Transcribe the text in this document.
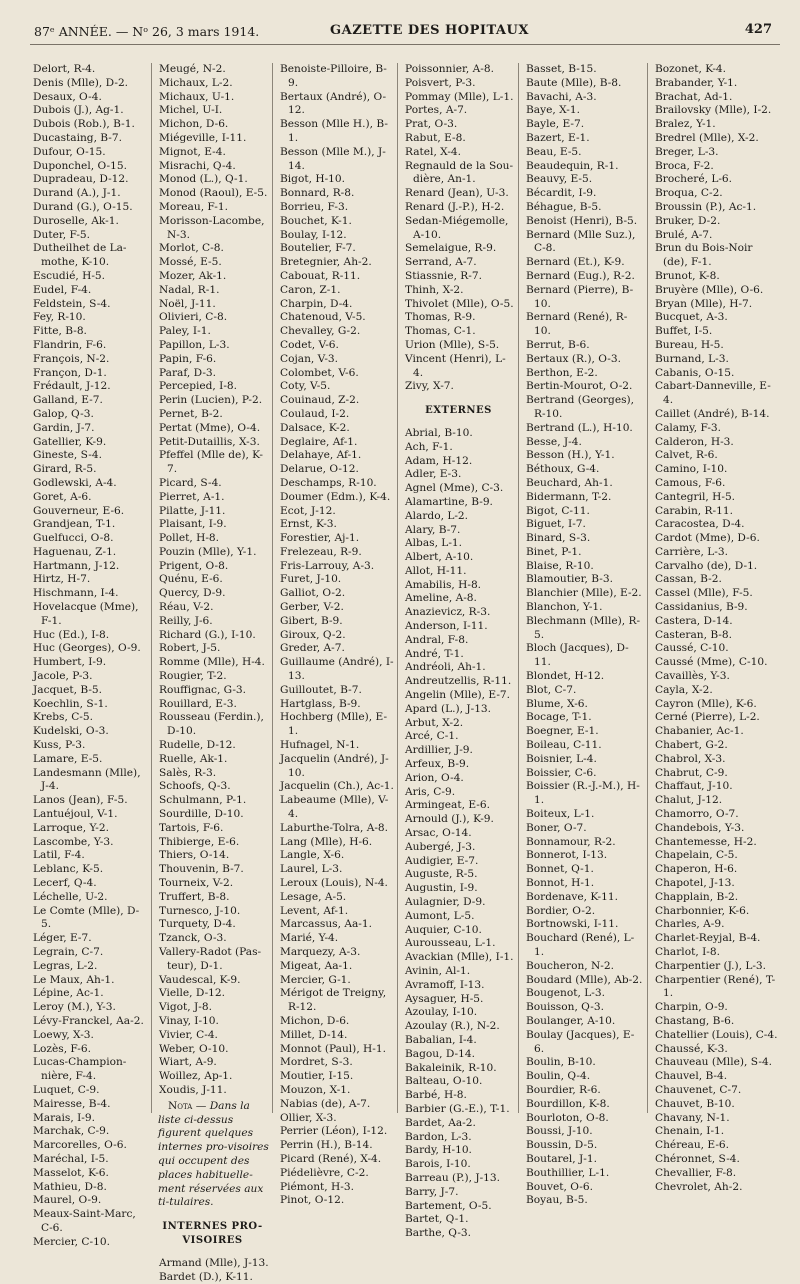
87ᵉ ANNÉE. — Nᵒ 26, 3 mars 1914.	GAZETTE DES HOPITAUX	427
Delort, R-4.
Denis (Mlle), D-2.
Desaux, O-4.
Dubois (J.), Ag-1.
Dubois (Rob.), B-1.
Ducastaing, B-7.
Dufour, O-15.
Duponchel, O-15.
Dupradeau, D-12.
Durand (A.), J-1.
Durand (G.), O-15.
Duroselle, Ak-1.
Duter, F-5.
Dutheilhet de La-mothe, K-10.
Escudié, H-5.
Eudel, F-4.
Feldstein, S-4.
Fey, R-10.
Fitte, B-8.
Flandrin, F-6.
François, N-2.
Françon, D-1.
Frédault, J-12.
Galland, E-7.
Galop, Q-3.
Gardin, J-7.
Gatellier, K-9.
Gineste, S-4.
Girard, R-5.
Godlewski, A-4.
Goret, A-6.
Gouverneur, E-6.
Grandjean, T-1.
Guelfucci, O-8.
Haguenau, Z-1.
Hartmann, J-12.
Hirtz, H-7.
Hischmann, I-4.
Hovelacque (Mme), F-1.
Huc (Ed.), I-8.
Huc (Georges), O-9.
Humbert, I-9.
Jacole, P-3.
Jacquet, B-5.
Koechlin, S-1.
Krebs, C-5.
Kudelski, O-3.
Kuss, P-3.
Lamare, E-5.
Landesmann (Mlle), J-4.
Lanos (Jean), F-5.
Lantuéjoul, V-1.
Larroque, Y-2.
Lascombe, Y-3.
Latil, F-4.
Leblanc, K-5.
Lecerf, Q-4.
Léchelle, U-2.
Le Comte (Mlle), D-5.
Léger, E-7.
Legrain, C-7.
Legras, L-2.
Le Maux, Ah-1.
Lépine, Ac-1.
Leroy (M.), Y-3.
Lévy-Franckel, Aa-2.
Loewy, X-3.
Lozès, F-6.
Lucas-Champion-nière, F-4.
Luquet, C-9.
Mairesse, B-4.
Marais, I-9.
Marchak, C-9.
Marcorelles, O-6.
Maréchal, I-5.
Masselot, K-6.
Mathieu, D-8.
Maurel, O-9.
Meaux-Saint-Marc, C-6.
Mercier, C-10.
Meugé, N-2.
Michaux, L-2.
Michaux, U-1.
Michel, U-I.
Michon, D-6.
Miégeville, I-11.
Mignot, E-4.
Misrachi, Q-4.
Monod (L.), Q-1.
Monod (Raoul), E-5.
Moreau, F-1.
Morisson-Lacombe, N-3.
Morlot, C-8.
Mossé, E-5.
Mozer, Ak-1.
Nadal, R-1.
Noël, J-11.
Olivieri, C-8.
Paley, I-1.
Papillon, L-3.
Papin, F-6.
Paraf, D-3.
Percepied, I-8.
Perin (Lucien), P-2.
Pernet, B-2.
Pertat (Mme), O-4.
Petit-Dutaillis, X-3.
Pfeffel (Mlle de), K-7.
Picard, S-4.
Pierret, A-1.
Pilatte, J-11.
Plaisant, I-9.
Pollet, H-8.
Pouzin (Mlle), Y-1.
Prigent, O-8.
Quénu, E-6.
Quercy, D-9.
Réau, V-2.
Reilly, J-6.
Richard (G.), I-10.
Robert, J-5.
Romme (Mlle), H-4.
Rougier, T-2.
Rouffignac, G-3.
Rouillard, E-3.
Rousseau (Ferdin.), D-10.
Rudelle, D-12.
Ruelle, Ak-1.
Salès, R-3.
Schoofs, Q-3.
Schulmann, P-1.
Sourdille, D-10.
Tartois, F-6.
Thibierge, E-6.
Thiers, O-14.
Thouvenin, B-7.
Tourneix, V-2.
Truffert, B-8.
Turnesco, J-10.
Turquety, D-4.
Tzanck, O-3.
Vallery-Radot (Pas-teur), D-1.
Vaudescal, K-9.
Vielle, D-12.
Vigot, J-8.
Vinay, I-10.
Vivier, C-4.
Weber, O-10.
Wiart, A-9.
Woillez, Ap-1.
Xoudis, J-11.
Nota — Dans la liste ci-dessus figurent quelques internes pro-visoires qui occupent des places habituelle-ment réservées aux ti-tulaires.
INTERNES PRO-VISOIRES
Armand (Mlle), J-13.
Bardet (D.), K-11.
Benoiste-Pilloire, B-9.
Bertaux (André), O-12.
Besson (Mlle H.), B-1.
Besson (Mlle M.), J-14.
Bigot, H-10.
Bonnard, R-8.
Borrieu, F-3.
Bouchet, K-1.
Boulay, I-12.
Boutelier, F-7.
Bretegnier, Ah-2.
Cabouat, R-11.
Caron, Z-1.
Charpin, D-4.
Chatenoud, V-5.
Chevalley, G-2.
Codet, V-6.
Cojan, V-3.
Colombet, V-6.
Coty, V-5.
Couinaud, Z-2.
Coulaud, I-2.
Dalsace, K-2.
Deglaire, Af-1.
Delahaye, Af-1.
Delarue, O-12.
Deschamps, R-10.
Doumer (Edm.), K-4.
Ecot, J-12.
Ernst, K-3.
Forestier, Aj-1.
Frelezeau, R-9.
Fris-Larrouy, A-3.
Furet, J-10.
Galliot, O-2.
Gerber, V-2.
Gibert, B-9.
Giroux, Q-2.
Greder, A-7.
Guillaume (André), I-13.
Guilloutet, B-7.
Hartglass, B-9.
Hochberg (Mlle), E-1.
Hufnagel, N-1.
Jacquelin (André), J-10.
Jacquelin (Ch.), Ac-1.
Labeaume (Mlle), V-4.
Laburthe-Tolra, A-8.
Lang (Mlle), H-6.
Langle, X-6.
Laurel, L-3.
Leroux (Louis), N-4.
Lesage, A-5.
Levent, Af-1.
Marcassus, Aa-1.
Marié, Y-4.
Marquezy, A-3.
Migeat, Aa-1.
Mercier, G-1.
Mérigot de Treigny, R-12.
Michon, D-6.
Millet, D-14.
Monnot (Paul), H-1.
Mordret, S-3.
Moutier, I-15.
Mouzon, X-1.
Nabias (de), A-7.
Ollier, X-3.
Perrier (Léon), I-12.
Perrin (H.), B-14.
Picard (René), X-4.
Piédelièvre, C-2.
Piémont, H-3.
Pinot, O-12.
Poissonnier, A-8.
Poisvert, P-3.
Pommay (Mlle), L-1.
Portes, A-7.
Prat, O-3.
Rabut, E-8.
Ratel, X-4.
Regnauld de la Sou-dière, An-1.
Renard (Jean), U-3.
Renard (J.-P.), H-2.
Sedan-Miégemolle, A-10.
Semelaigue, R-9.
Serrand, A-7.
Stiassnie, R-7.
Thinh, X-2.
Thivolet (Mlle), O-5.
Thomas, R-9.
Thomas, C-1.
Urion (Mlle), S-5.
Vincent (Henri), L-4.
Zivy, X-7.
EXTERNES
Abrial, B-10.
Ach, F-1.
Adam, H-12.
Adler, E-3.
Agnel (Mme), C-3.
Alamartine, B-9.
Alardo, L-2.
Alary, B-7.
Albas, L-1.
Albert, A-10.
Allot, H-11.
Amabilis, H-8.
Ameline, A-8.
Anazievicz, R-3.
Anderson, I-11.
Andral, F-8.
André, T-1.
Andréoli, Ah-1.
Andreutzellis, R-11.
Angelin (Mlle), E-7.
Apard (L.), J-13.
Arbut, X-2.
Arcé, C-1.
Ardillier, J-9.
Arfeux, B-9.
Arion, O-4.
Aris, C-9.
Armingeat, E-6.
Arnould (J.), K-9.
Arsac, O-14.
Aubergé, J-3.
Audigier, E-7.
Auguste, R-5.
Augustin, I-9.
Aulagnier, D-9.
Aumont, L-5.
Auquier, C-10.
Aurousseau, L-1.
Avackian (Mlle), I-1.
Avinin, Al-1.
Avramoff, I-13.
Aysaguer, H-5.
Azoulay, I-10.
Azoulay (R.), N-2.
Babalian, I-4.
Bagou, D-14.
Bakaleinik, R-10.
Balteau, O-10.
Barbé, H-8.
Barbier (G.-E.), T-1.
Bardet, Aa-2.
Bardon, L-3.
Bardy, H-10.
Barois, I-10.
Barreau (P.), J-13.
Barry, J-7.
Bartement, O-5.
Bartet, Q-1.
Barthe, Q-3.
Basset, B-15.
Baute (Mlle), B-8.
Bavachi, A-3.
Baye, X-1.
Bayle, E-7.
Bazert, E-1.
Beau, E-5.
Beaudequin, R-1.
Beauvy, E-5.
Bécardit, I-9.
Béhague, B-5.
Benoist (Henri), B-5.
Bernard (Mlle Suz.), C-8.
Bernard (Et.), K-9.
Bernard (Eug.), R-2.
Bernard (Pierre), B-10.
Bernard (René), R-10.
Berrut, B-6.
Bertaux (R.), O-3.
Berthon, E-2.
Bertin-Mourot, O-2.
Bertrand (Georges), R-10.
Bertrand (L.), H-10.
Besse, J-4.
Besson (H.), Y-1.
Béthoux, G-4.
Beuchard, Ah-1.
Bidermann, T-2.
Bigot, C-11.
Biguet, I-7.
Binard, S-3.
Binet, P-1.
Blaise, R-10.
Blamoutier, B-3.
Blanchier (Mlle), E-2.
Blanchon, Y-1.
Blechmann (Mlle), R-5.
Bloch (Jacques), D-11.
Blondet, H-12.
Blot, C-7.
Blume, X-6.
Bocage, T-1.
Boegner, E-1.
Boileau, C-11.
Boisnier, L-4.
Boissier, C-6.
Boissier (R.-J.-M.), H-1.
Boiteux, L-1.
Boner, O-7.
Bonnamour, R-2.
Bonnerot, I-13.
Bonnet, Q-1.
Bonnot, H-1.
Bordenave, K-11.
Bordier, O-2.
Bortnowski, I-11.
Bouchard (René), L-1.
Boucheron, N-2.
Boudard (Mlle), Ab-2.
Bougenot, L-3.
Bouisson, Q-3.
Boulanger, A-10.
Boulay (Jacques), E-6.
Boulin, B-10.
Boulin, Q-4.
Bourdier, R-6.
Bourdillon, K-8.
Bourloton, O-8.
Boussi, J-10.
Boussin, D-5.
Boutarel, J-1.
Bouthillier, L-1.
Bouvet, O-6.
Boyau, B-5.
Bozonet, K-4.
Brabander, Y-1.
Brachat, Ad-1.
Brailovsky (Mlle), I-2.
Bralez, Y-1.
Bredrel (Mlle), X-2.
Breger, L-3.
Broca, F-2.
Brocheré, L-6.
Broqua, C-2.
Broussin (P.), Ac-1.
Bruker, D-2.
Brulé, A-7.
Brun du Bois-Noir (de), F-1.
Brunot, K-8.
Bruyère (Mlle), O-6.
Bryan (Mlle), H-7.
Bucquet, A-3.
Buffet, I-5.
Bureau, H-5.
Burnand, L-3.
Cabanis, O-15.
Cabart-Danneville, E-4.
Caillet (André), B-14.
Calamy, F-3.
Calderon, H-3.
Calvet, R-6.
Camino, I-10.
Camous, F-6.
Cantegril, H-5.
Carabin, R-11.
Caracostea, D-4.
Cardot (Mme), D-6.
Carrière, L-3.
Carvalho (de), D-1.
Cassan, B-2.
Cassel (Mlle), F-5.
Cassidanius, B-9.
Castera, D-14.
Casteran, B-8.
Caussé, C-10.
Caussé (Mme), C-10.
Cavaillès, Y-3.
Cayla, X-2.
Cayron (Mlle), K-6.
Cerné (Pierre), L-2.
Chabanier, Ac-1.
Chabert, G-2.
Chabrol, X-3.
Chabrut, C-9.
Chaffaut, J-10.
Chalut, J-12.
Chamorro, O-7.
Chandebois, Y-3.
Chantemesse, H-2.
Chapelain, C-5.
Chaperon, H-6.
Chapotel, J-13.
Chapplain, B-2.
Charbonnier, K-6.
Charles, A-9.
Charlet-Reyjal, B-4.
Charlot, I-8.
Charpentier (J.), L-3.
Charpentier (René), T-1.
Charpin, O-9.
Chastang, B-6.
Chatellier (Louis), C-4.
Chaussé, K-3.
Chauveau (Mlle), S-4.
Chauvel, B-4.
Chauvenet, C-7.
Chauvet, B-10.
Chavany, N-1.
Chenain, I-1.
Chéreau, E-6.
Chéronnet, S-4.
Chevallier, F-8.
Chevrolet, Ah-2.
